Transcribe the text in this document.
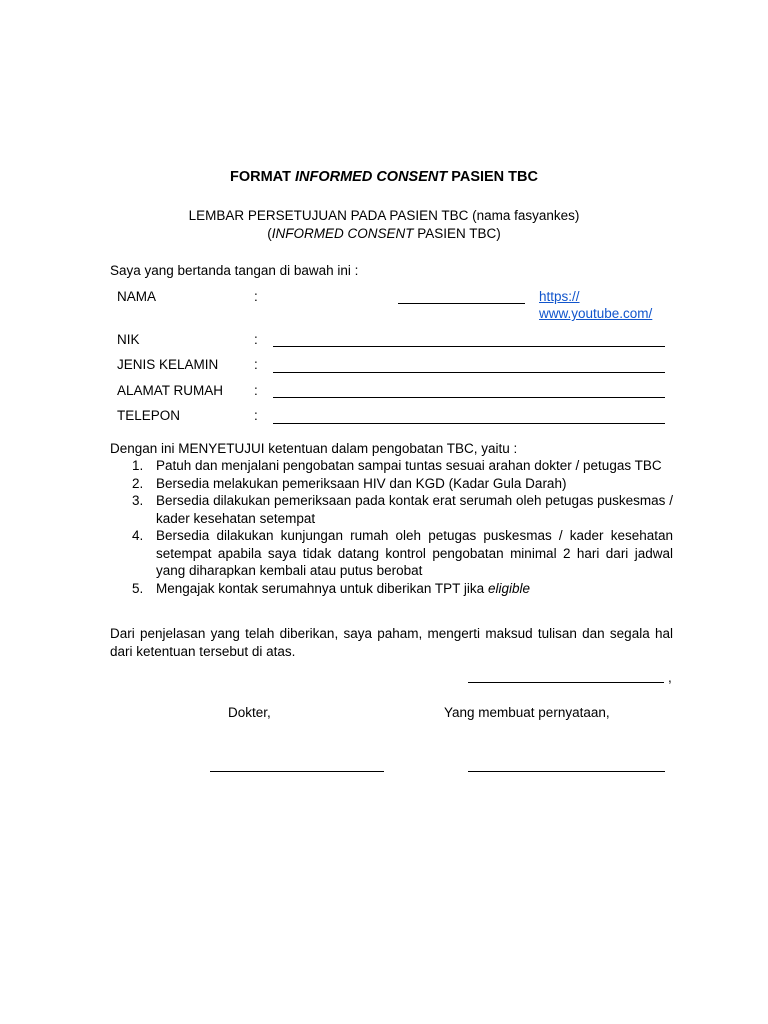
FORMAT INFORMED CONSENT PASIEN TBC
LEMBAR PERSETUJUAN PADA PASIEN TBC (nama fasyankes)
(INFORMED CONSENT PASIEN TBC)
Saya yang bertanda tangan di bawah ini :
NAMA	:	https://
www.youtube.com/
NIK	:
JENIS KELAMIN	:
ALAMAT RUMAH :
TELEPON	:
Dengan ini MENYETUJUI ketentuan dalam pengobatan TBC, yaitu :
1. Patuh dan menjalani pengobatan sampai tuntas sesuai arahan dokter / petugas TBC
2. Bersedia melakukan pemeriksaan HIV dan KGD (Kadar Gula Darah)
3. Bersedia dilakukan pemeriksaan pada kontak erat serumah oleh petugas puskesmas / kader kesehatan setempat
4. Bersedia dilakukan kunjungan rumah oleh petugas puskesmas / kader kesehatan setempat apabila saya tidak datang kontrol pengobatan minimal 2 hari dari jadwal yang diharapkan kembali atau putus berobat
5. Mengajak kontak serumahnya untuk diberikan TPT jika eligible
Dari penjelasan yang telah diberikan, saya paham, mengerti maksud tulisan dan segala hal dari ketentuan tersebut di atas.
,
Dokter,	Yang membuat pernyataan,
